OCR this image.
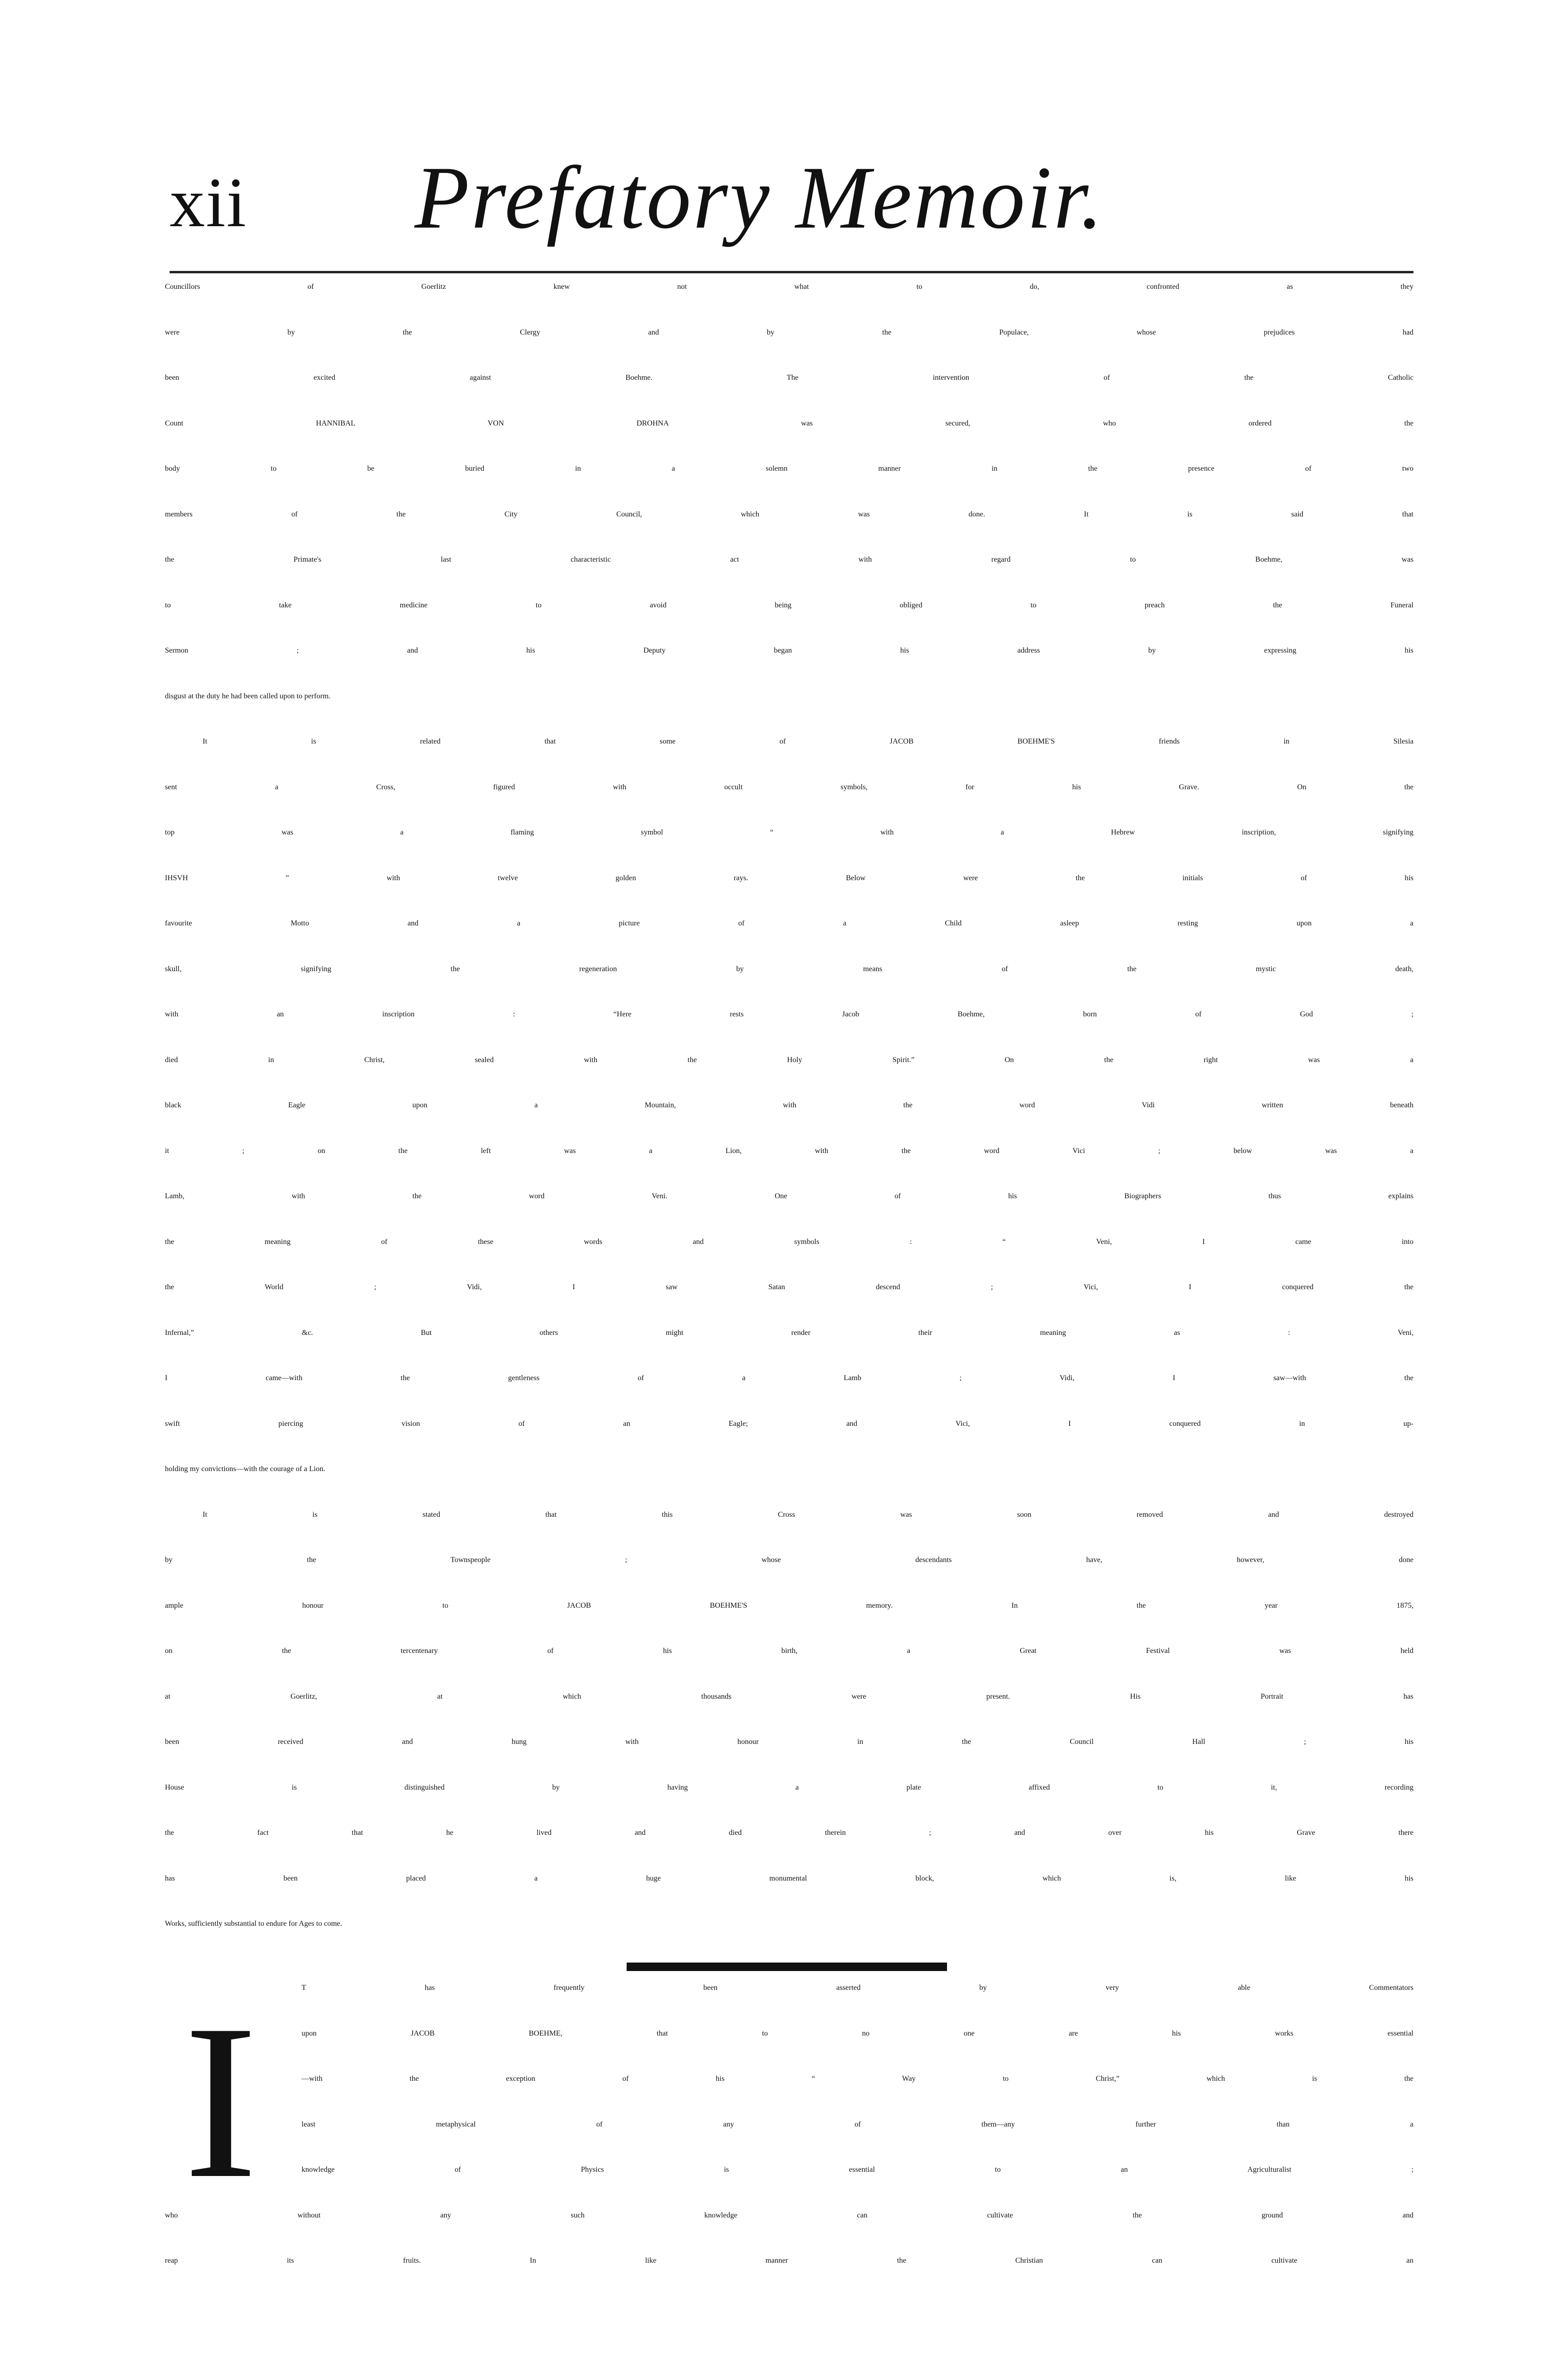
xii Prefatory Memoir.
Councillors of Goerlitz knew not what to do, confronted as they
were by the Clergy and by the Populace, whose prejudices had
been excited against Boehme. The intervention of the Catholic
Count HANNIBAL VON DROHNA was secured, who ordered the
body to be buried in a solemn manner in the presence of two
members of the City Council, which was done. It is said that
the Primate's last characteristic act with regard to Boehme, was
to take medicine to avoid being obliged to preach the Funeral
Sermon ; and his Deputy began his address by expressing his
disgust at the duty he had been called upon to perform.
It is related that some of JACOB BOEHME'S friends in Silesia
sent a Cross, figured with occult symbols, for his Grave. On the
top was a flaming symbol “ with a Hebrew inscription, signifying
IHSVH ” with twelve golden rays. Below were the initials of his
favourite Motto and a picture of a Child asleep resting upon a
skull, signifying the regeneration by means of the mystic death,
with an inscription : “Here rests Jacob Boehme, born of God ;
died in Christ, sealed with the Holy Spirit.” On the right was a
black Eagle upon a Mountain, with the word Vidi written beneath
it ; on the left was a Lion, with the word Vici ; below was a
Lamb, with the word Veni. One of his Biographers thus explains
the meaning of these words and symbols : “ Veni, I came into
the World ; Vidi, I saw Satan descend ; Vici, I conquered the
Infernal,” &c. But others might render their meaning as : Veni,
I came—with the gentleness of a Lamb ; Vidi, I saw—with the
swift piercing vision of an Eagle; and Vici, I conquered in up-
holding my convictions—with the courage of a Lion.
It is stated that this Cross was soon removed and destroyed
by the Townspeople ; whose descendants have, however, done
ample honour to JACOB BOEHME'S memory. In the year 1875,
on the tercentenary of his birth, a Great Festival was held
at Goerlitz, at which thousands were present. His Portrait has
been received and hung with honour in the Council Hall ; his
House is distinguished by having a plate affixed to it, recording
the fact that he lived and died therein ; and over his Grave there
has been placed a huge monumental block, which is, like his
Works, sufficiently substantial to endure for Ages to come.
I	T has frequently been asserted by very able Commentators
upon JACOB BOEHME, that to no one are his works essential
—with the exception of his “ Way to Christ,” which is the
least metaphysical of any of them—any further than a
knowledge of Physics is essential to an Agriculturalist ;
who without any such knowledge can cultivate the ground and
reap its fruits. In like manner the Christian can cultivate an
